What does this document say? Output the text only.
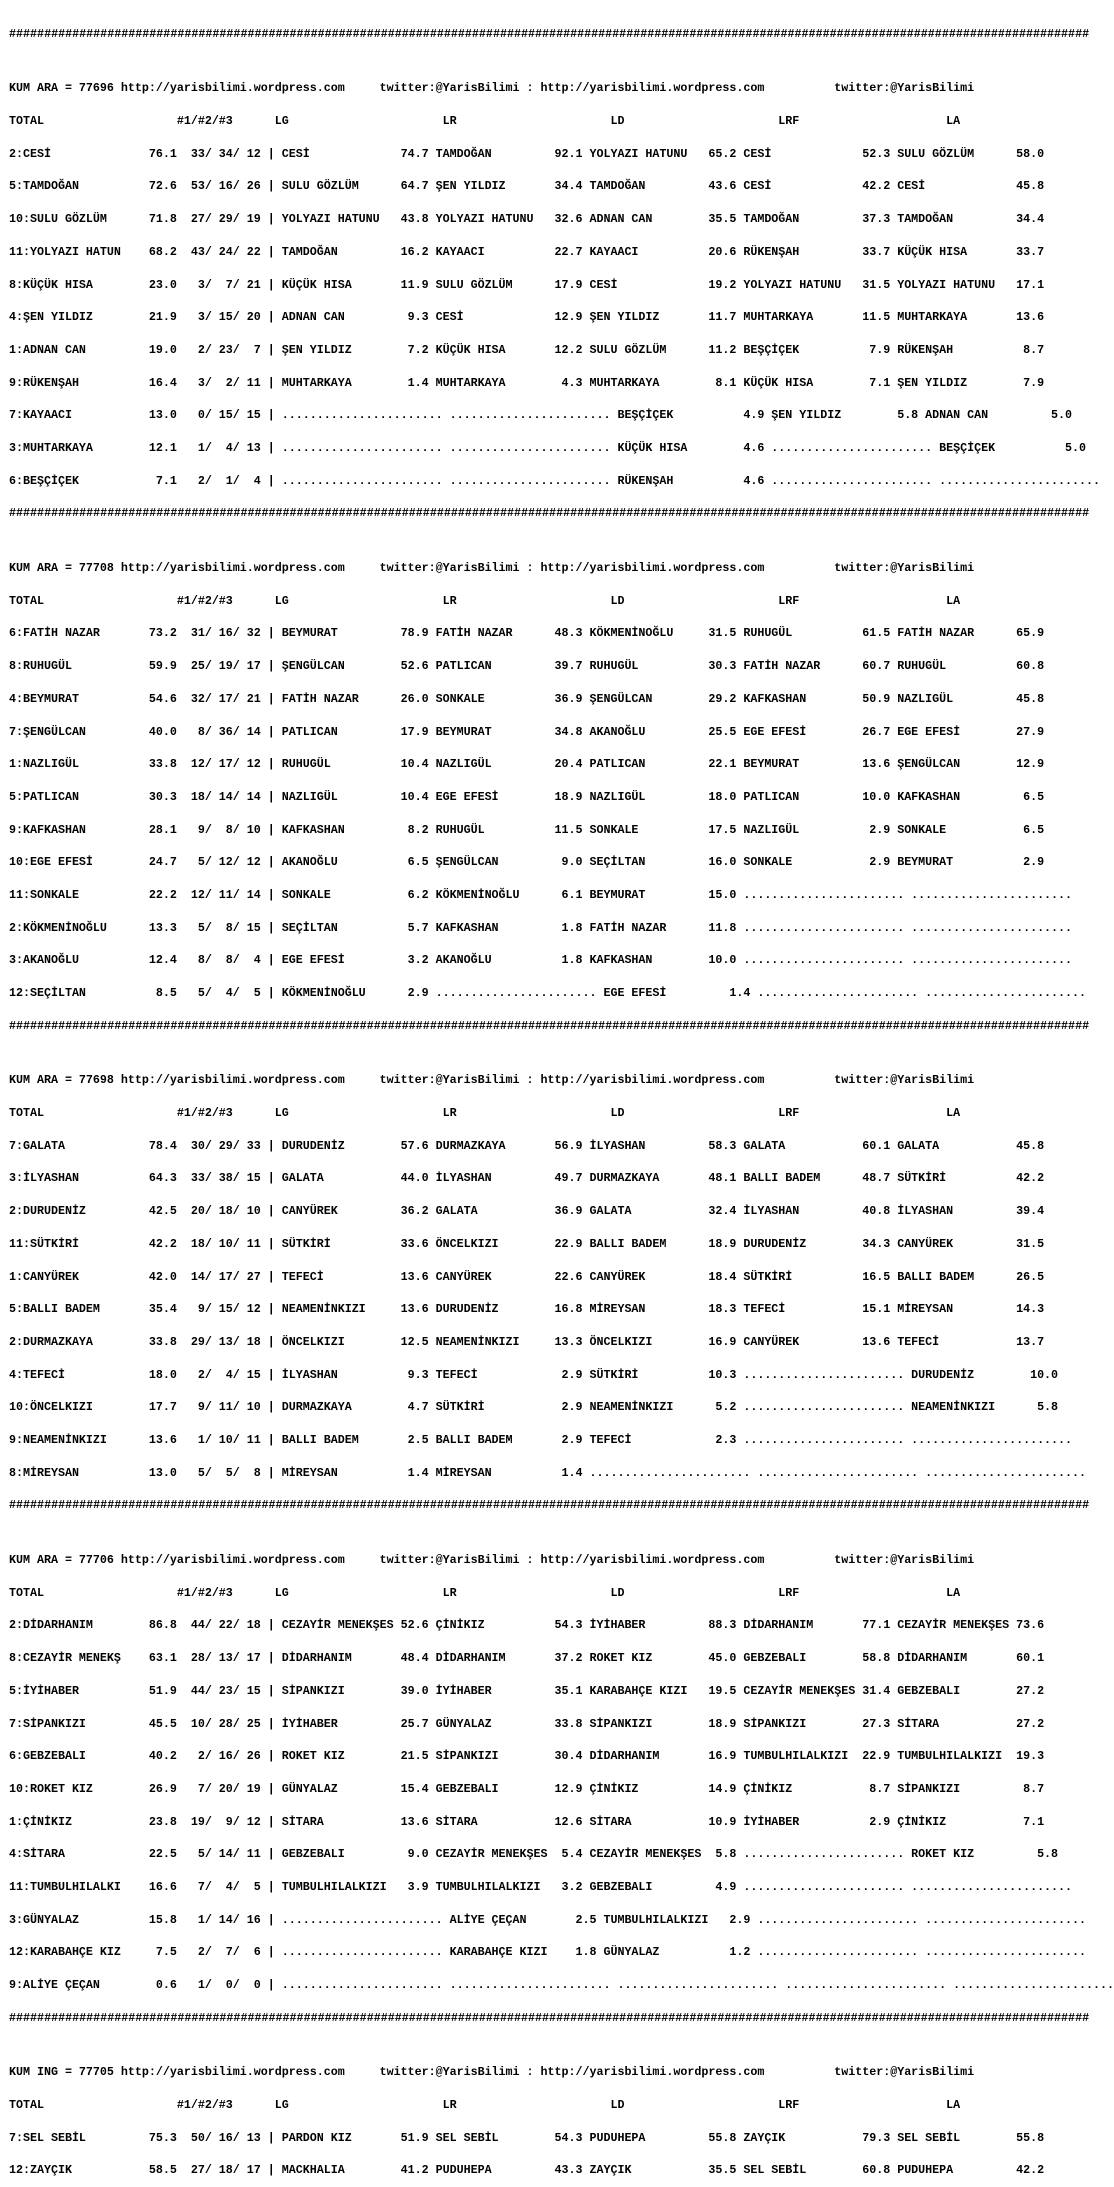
##########################################################################################################################################################

KUM ARA = 77696 http://yarisbilimi.wordpress.com     twitter:@YarisBilimi : http://yarisbilimi.wordpress.com          twitter:@YarisBilimi

TOTAL                   #1/#2/#3      LG                      LR                      LD                      LRF                     LA

2:CESİ              76.1  33/ 34/ 12 | CESİ             74.7 TAMDOĞAN         92.1 YOLYAZI HATUNU   65.2 CESİ             52.3 SULU GÖZLÜM      58.0

5:TAMDOĞAN          72.6  53/ 16/ 26 | SULU GÖZLÜM      64.7 ŞEN YILDIZ       34.4 TAMDOĞAN         43.6 CESİ             42.2 CESİ             45.8

10:SULU GÖZLÜM      71.8  27/ 29/ 19 | YOLYAZI HATUNU   43.8 YOLYAZI HATUNU   32.6 ADNAN CAN        35.5 TAMDOĞAN         37.3 TAMDOĞAN         34.4

11:YOLYAZI HATUN    68.2  43/ 24/ 22 | TAMDOĞAN         16.2 KAYAACI          22.7 KAYAACI          20.6 RÜKENŞAH         33.7 KÜÇÜK HISA       33.7

8:KÜÇÜK HISA        23.0   3/  7/ 21 | KÜÇÜK HISA       11.9 SULU GÖZLÜM      17.9 CESİ             19.2 YOLYAZI HATUNU   31.5 YOLYAZI HATUNU   17.1

4:ŞEN YILDIZ        21.9   3/ 15/ 20 | ADNAN CAN         9.3 CESİ             12.9 ŞEN YILDIZ       11.7 MUHTARKAYA       11.5 MUHTARKAYA       13.6

1:ADNAN CAN         19.0   2/ 23/  7 | ŞEN YILDIZ        7.2 KÜÇÜK HISA       12.2 SULU GÖZLÜM      11.2 BEŞÇİÇEK          7.9 RÜKENŞAH          8.7

9:RÜKENŞAH          16.4   3/  2/ 11 | MUHTARKAYA        1.4 MUHTARKAYA        4.3 MUHTARKAYA        8.1 KÜÇÜK HISA        7.1 ŞEN YILDIZ        7.9

7:KAYAACI           13.0   0/ 15/ 15 | ....................... ....................... BEŞÇİÇEK          4.9 ŞEN YILDIZ        5.8 ADNAN CAN         5.0

3:MUHTARKAYA        12.1   1/  4/ 13 | ....................... ....................... KÜÇÜK HISA        4.6 ....................... BEŞÇİÇEK          5.0

6:BEŞÇİÇEK           7.1   2/  1/  4 | ....................... ....................... RÜKENŞAH          4.6 ....................... .......................

##########################################################################################################################################################

KUM ARA = 77708 http://yarisbilimi.wordpress.com     twitter:@YarisBilimi : http://yarisbilimi.wordpress.com          twitter:@YarisBilimi

TOTAL                   #1/#2/#3      LG                      LR                      LD                      LRF                     LA

6:FATİH NAZAR       73.2  31/ 16/ 32 | BEYMURAT         78.9 FATİH NAZAR      48.3 KÖKMENİNOĞLU     31.5 RUHUGÜL          61.5 FATİH NAZAR      65.9

8:RUHUGÜL           59.9  25/ 19/ 17 | ŞENGÜLCAN        52.6 PATLICAN         39.7 RUHUGÜL          30.3 FATİH NAZAR      60.7 RUHUGÜL          60.8

4:BEYMURAT          54.6  32/ 17/ 21 | FATİH NAZAR      26.0 SONKALE          36.9 ŞENGÜLCAN        29.2 KAFKASHAN        50.9 NAZLIGÜL         45.8

7:ŞENGÜLCAN         40.0   8/ 36/ 14 | PATLICAN         17.9 BEYMURAT         34.8 AKANOĞLU         25.5 EGE EFESİ        26.7 EGE EFESİ        27.9

1:NAZLIGÜL          33.8  12/ 17/ 12 | RUHUGÜL          10.4 NAZLIGÜL         20.4 PATLICAN         22.1 BEYMURAT         13.6 ŞENGÜLCAN        12.9

5:PATLICAN          30.3  18/ 14/ 14 | NAZLIGÜL         10.4 EGE EFESİ        18.9 NAZLIGÜL         18.0 PATLICAN         10.0 KAFKASHAN         6.5

9:KAFKASHAN         28.1   9/  8/ 10 | KAFKASHAN         8.2 RUHUGÜL          11.5 SONKALE          17.5 NAZLIGÜL          2.9 SONKALE           6.5

10:EGE EFESİ        24.7   5/ 12/ 12 | AKANOĞLU          6.5 ŞENGÜLCAN         9.0 SEÇİLTAN         16.0 SONKALE           2.9 BEYMURAT          2.9

11:SONKALE          22.2  12/ 11/ 14 | SONKALE           6.2 KÖKMENİNOĞLU      6.1 BEYMURAT         15.0 ....................... .......................

2:KÖKMENİNOĞLU      13.3   5/  8/ 15 | SEÇİLTAN          5.7 KAFKASHAN         1.8 FATİH NAZAR      11.8 ....................... .......................

3:AKANOĞLU          12.4   8/  8/  4 | EGE EFESİ         3.2 AKANOĞLU          1.8 KAFKASHAN        10.0 ....................... .......................

12:SEÇİLTAN          8.5   5/  4/  5 | KÖKMENİNOĞLU      2.9 ....................... EGE EFESİ         1.4 ....................... .......................

##########################################################################################################################################################

KUM ARA = 77698 http://yarisbilimi.wordpress.com     twitter:@YarisBilimi : http://yarisbilimi.wordpress.com          twitter:@YarisBilimi

TOTAL                   #1/#2/#3      LG                      LR                      LD                      LRF                     LA

7:GALATA            78.4  30/ 29/ 33 | DURUDENİZ        57.6 DURMAZKAYA       56.9 İLYASHAN         58.3 GALATA           60.1 GALATA           45.8

3:İLYASHAN          64.3  33/ 38/ 15 | GALATA           44.0 İLYASHAN         49.7 DURMAZKAYA       48.1 BALLI BADEM      48.7 SÜTKİRİ          42.2

2:DURUDENİZ         42.5  20/ 18/ 10 | CANYÜREK         36.2 GALATA           36.9 GALATA           32.4 İLYASHAN         40.8 İLYASHAN         39.4

11:SÜTKİRİ          42.2  18/ 10/ 11 | SÜTKİRİ          33.6 ÖNCELKIZI        22.9 BALLI BADEM      18.9 DURUDENİZ        34.3 CANYÜREK         31.5

1:CANYÜREK          42.0  14/ 17/ 27 | TEFECİ           13.6 CANYÜREK         22.6 CANYÜREK         18.4 SÜTKİRİ          16.5 BALLI BADEM      26.5

5:BALLI BADEM       35.4   9/ 15/ 12 | NEAMENİNKIZI     13.6 DURUDENİZ        16.8 MİREYSAN         18.3 TEFECİ           15.1 MİREYSAN         14.3

2:DURMAZKAYA        33.8  29/ 13/ 18 | ÖNCELKIZI        12.5 NEAMENİNKIZI     13.3 ÖNCELKIZI        16.9 CANYÜREK         13.6 TEFECİ           13.7

4:TEFECİ            18.0   2/  4/ 15 | İLYASHAN          9.3 TEFECİ            2.9 SÜTKİRİ          10.3 ....................... DURUDENİZ        10.0

10:ÖNCELKIZI        17.7   9/ 11/ 10 | DURMAZKAYA        4.7 SÜTKİRİ           2.9 NEAMENİNKIZI      5.2 ....................... NEAMENİNKIZI      5.8

9:NEAMENİNKIZI      13.6   1/ 10/ 11 | BALLI BADEM       2.5 BALLI BADEM       2.9 TEFECİ            2.3 ....................... .......................

8:MİREYSAN          13.0   5/  5/  8 | MİREYSAN          1.4 MİREYSAN          1.4 ....................... ....................... .......................

##########################################################################################################################################################

KUM ARA = 77706 http://yarisbilimi.wordpress.com     twitter:@YarisBilimi : http://yarisbilimi.wordpress.com          twitter:@YarisBilimi

TOTAL                   #1/#2/#3      LG                      LR                      LD                      LRF                     LA

2:DİDARHANIM        86.8  44/ 22/ 18 | CEZAYİR MENEKŞES 52.6 ÇİNİKIZ          54.3 İYİHABER         88.3 DİDARHANIM       77.1 CEZAYİR MENEKŞES 73.6

8:CEZAYİR MENEKŞ    63.1  28/ 13/ 17 | DİDARHANIM       48.4 DİDARHANIM       37.2 ROKET KIZ        45.0 GEBZEBALI        58.8 DİDARHANIM       60.1

5:İYİHABER          51.9  44/ 23/ 15 | SİPANKIZI        39.0 İYİHABER         35.1 KARABAHÇE KIZI   19.5 CEZAYİR MENEKŞES 31.4 GEBZEBALI        27.2

7:SİPANKIZI         45.5  10/ 28/ 25 | İYİHABER         25.7 GÜNYALAZ         33.8 SİPANKIZI        18.9 SİPANKIZI        27.3 SİTARA           27.2

6:GEBZEBALI         40.2   2/ 16/ 26 | ROKET KIZ        21.5 SİPANKIZI        30.4 DİDARHANIM       16.9 TUMBULHILALKIZI  22.9 TUMBULHILALKIZI  19.3

10:ROKET KIZ        26.9   7/ 20/ 19 | GÜNYALAZ         15.4 GEBZEBALI        12.9 ÇİNİKIZ          14.9 ÇİNİKIZ           8.7 SİPANKIZI         8.7

1:ÇİNİKIZ           23.8  19/  9/ 12 | SİTARA           13.6 SİTARA           12.6 SİTARA           10.9 İYİHABER          2.9 ÇİNİKIZ           7.1

4:SİTARA            22.5   5/ 14/ 11 | GEBZEBALI         9.0 CEZAYİR MENEKŞES  5.4 CEZAYİR MENEKŞES  5.8 ....................... ROKET KIZ         5.8

11:TUMBULHILALKI    16.6   7/  4/  5 | TUMBULHILALKIZI   3.9 TUMBULHILALKIZI   3.2 GEBZEBALI         4.9 ....................... .......................

3:GÜNYALAZ          15.8   1/ 14/ 16 | ....................... ALİYE ÇEÇAN       2.5 TUMBULHILALKIZI   2.9 ....................... .......................

12:KARABAHÇE KIZ     7.5   2/  7/  6 | ....................... KARABAHÇE KIZI    1.8 GÜNYALAZ          1.2 ....................... .......................

9:ALİYE ÇEÇAN        0.6   1/  0/  0 | ....................... ....................... ....................... ....................... .......................

##########################################################################################################################################################

KUM ING = 77705 http://yarisbilimi.wordpress.com     twitter:@YarisBilimi : http://yarisbilimi.wordpress.com          twitter:@YarisBilimi

TOTAL                   #1/#2/#3      LG                      LR                      LD                      LRF                     LA

7:SEL SEBİL         75.3  50/ 16/ 13 | PARDON KIZ       51.9 SEL SEBİL        54.3 PUDUHEPA         55.8 ZAYÇIK           79.3 SEL SEBİL        55.8

12:ZAYÇIK           58.5  27/ 18/ 17 | MACKHALIA        41.2 PUDUHEPA         43.3 ZAYÇIK           35.5 SEL SEBİL        60.8 PUDUHEPA         42.2
